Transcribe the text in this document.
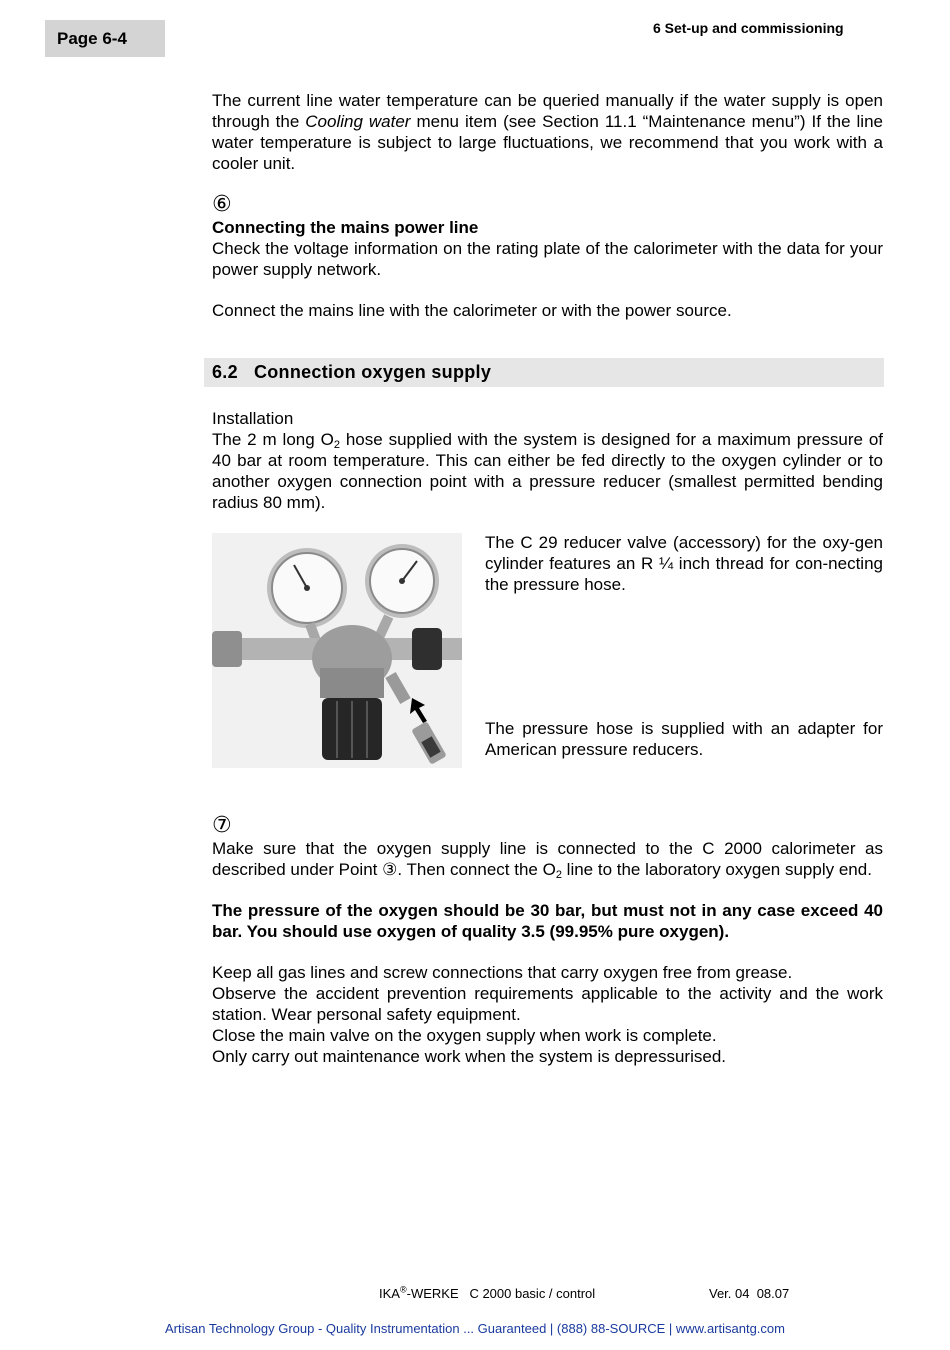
Page 6-4
6 Set-up and commissioning

The current line water temperature can be queried manually if the water supply is open through the Cooling water menu item (see Section 11.1 “Maintenance menu”) If the line water temperature is subject to large fluctuations, we recommend that you work with a cooler unit.

⑥

Connecting the mains power line

Check the voltage information on the rating plate of the calorimeter with the data for your power supply network.

Connect the mains line with the calorimeter or with the power source.

6.2 Connection oxygen supply

Installation

The 2 m long $O_2$ hose supplied with the system is designed for a maximum pressure of 40 bar at room temperature. This can either be fed directly to the oxygen cylinder or to another oxygen connection point with a pressure reducer (smallest permitted bending radius 80 mm).

The C 29 reducer valve (accessory) for the oxy-gen cylinder features an R ¼ inch thread for con-necting the pressure hose.
The pressure hose is supplied with an adapter for American pressure reducers.

⑦

Make sure that the oxygen supply line is connected to the C 2000 calorimeter as described under Point ③. Then connect the $O_2$ line to the laboratory oxygen supply end.

The pressure of the oxygen should be 30 bar, but must not in any case exceed 40 bar. You should use oxygen of quality 3.5 (99.95% pure oxygen).

Keep all gas lines and screw connections that carry oxygen free from grease.

Observe the accident prevention requirements applicable to the activity and the work station. Wear personal safety equipment.

Close the main valve on the oxygen supply when work is complete.

Only carry out maintenance work when the system is depressurised.

IKA®-WERKE   C 2000 basic / control	Ver. 04  08.07
Artisan Technology Group - Quality Instrumentation ... Guaranteed | (888) 88-SOURCE | www.artisantg.com
